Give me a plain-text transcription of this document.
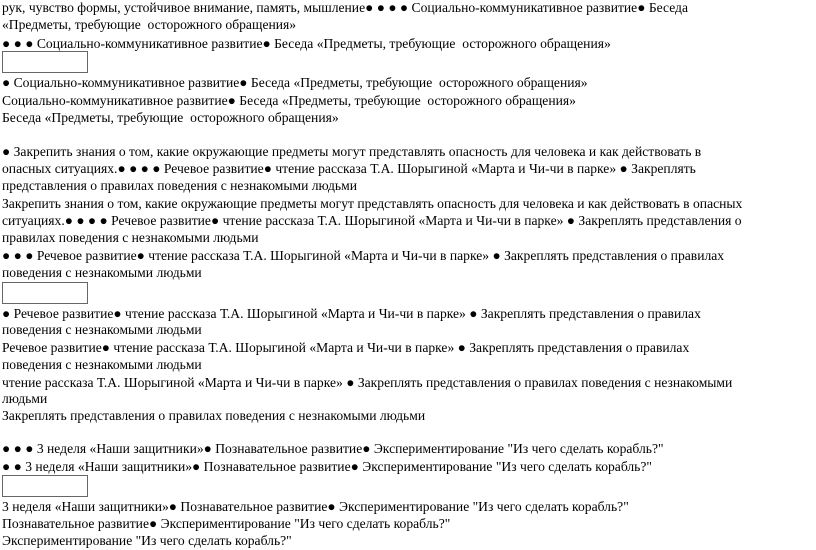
рук, чувство формы, устойчивое внимание, память, мышление● ● ● ● Социально-коммуникативное развитие● Беседа
«Предметы, требующие  осторожного обращения»
● ● ● Социально-коммуникативное развитие● Беседа «Предметы, требующие  осторожного обращения»
● Социально-коммуникативное развитие● Беседа «Предметы, требующие  осторожного обращения»
Социально-коммуникативное развитие● Беседа «Предметы, требующие  осторожного обращения»
Беседа «Предметы, требующие  осторожного обращения»
● Закрепить знания о том, какие окружающие предметы могут представлять опасность для человека и как действовать в
опасных ситуациях.● ● ● ● Речевое развитие● чтение рассказа Т.А. Шорыгиной «Марта и Чи-чи в парке» ● Закреплять
представления о правилах поведения с незнакомыми людьми
Закрепить знания о том, какие окружающие предметы могут представлять опасность для человека и как действовать в опасных
ситуациях.● ● ● ● Речевое развитие● чтение рассказа Т.А. Шорыгиной «Марта и Чи-чи в парке» ● Закреплять представления о
правилах поведения с незнакомыми людьми
● ● ● Речевое развитие● чтение рассказа Т.А. Шорыгиной «Марта и Чи-чи в парке» ● Закреплять представления о правилах
поведения с незнакомыми людьми
● Речевое развитие● чтение рассказа Т.А. Шорыгиной «Марта и Чи-чи в парке» ● Закреплять представления о правилах
поведения с незнакомыми людьми
Речевое развитие● чтение рассказа Т.А. Шорыгиной «Марта и Чи-чи в парке» ● Закреплять представления о правилах
поведения с незнакомыми людьми
чтение рассказа Т.А. Шорыгиной «Марта и Чи-чи в парке» ● Закреплять представления о правилах поведения с незнакомыми
людьми
Закреплять представления о правилах поведения с незнакомыми людьми
● ● ● 3 неделя «Наши защитники»● Познавательное развитие● Экспериментирование "Из чего сделать корабль?"
● ● 3 неделя «Наши защитники»● Познавательное развитие● Экспериментирование "Из чего сделать корабль?"
3 неделя «Наши защитники»● Познавательное развитие● Экспериментирование "Из чего сделать корабль?"
Познавательное развитие● Экспериментирование "Из чего сделать корабль?"
Экспериментирование "Из чего сделать корабль?"
